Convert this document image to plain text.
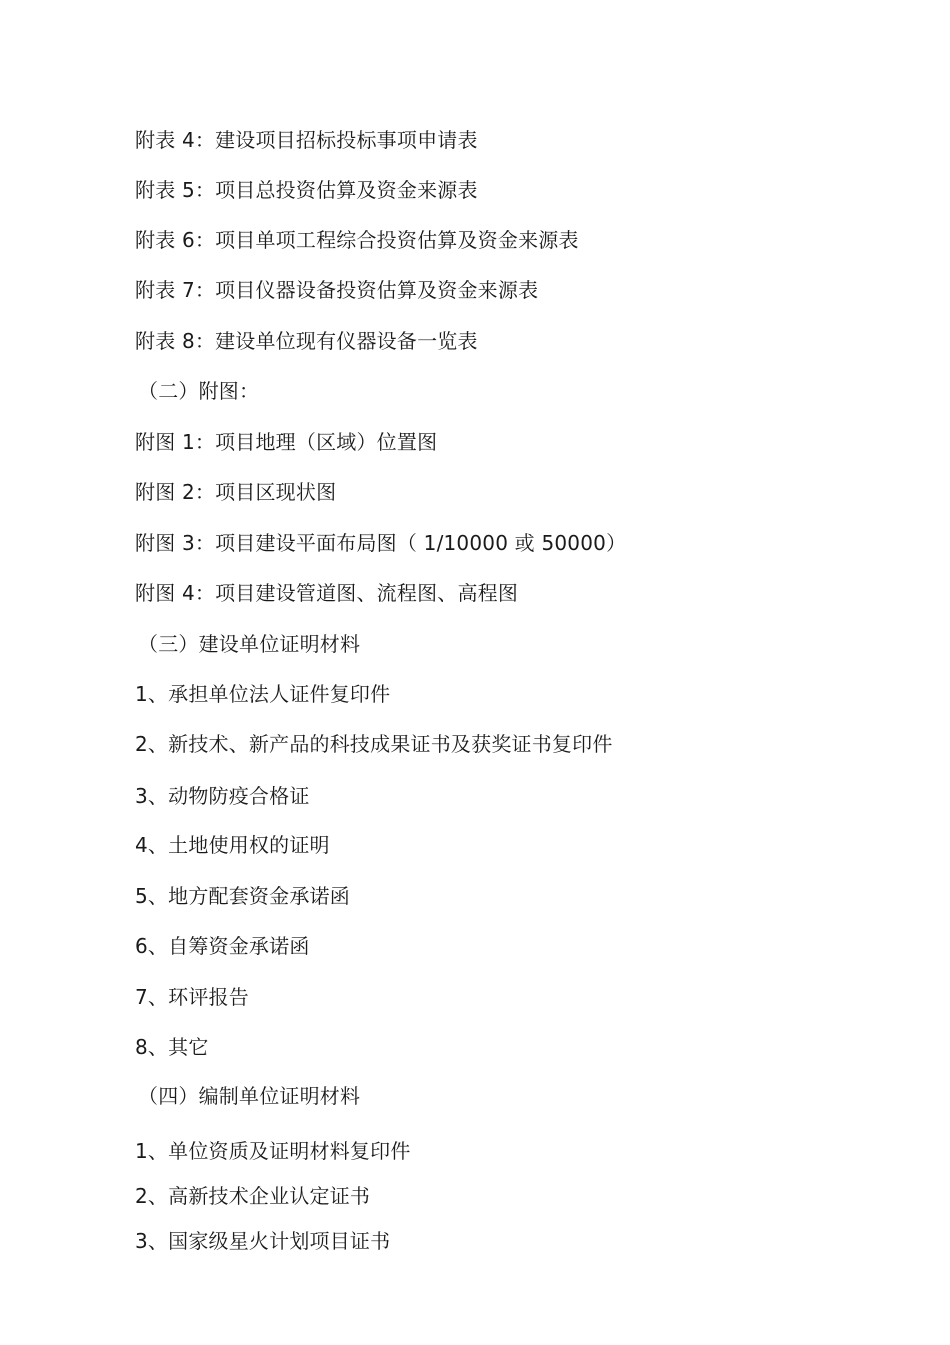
附表 4：建设项目招标投标事项申请表
附表 5：项目总投资估算及资金来源表
附表 6：项目单项工程综合投资估算及资金来源表
附表 7：项目仪器设备投资估算及资金来源表
附表 8：建设单位现有仪器设备一览表
（二）附图：
附图 1：项目地理（区域）位置图
附图 2：项目区现状图
附图 3：项目建设平面布局图（ 1/10000 或 50000）
附图 4：项目建设管道图、流程图、高程图
（三）建设单位证明材料
1、承担单位法人证件复印件
2、新技术、新产品的科技成果证书及获奖证书复印件
3、动物防疫合格证
4、土地使用权的证明
5、地方配套资金承诺函
6、自筹资金承诺函
7、环评报告
8、其它
（四）编制单位证明材料
1、单位资质及证明材料复印件
2、高新技术企业认定证书
3、国家级星火计划项目证书
